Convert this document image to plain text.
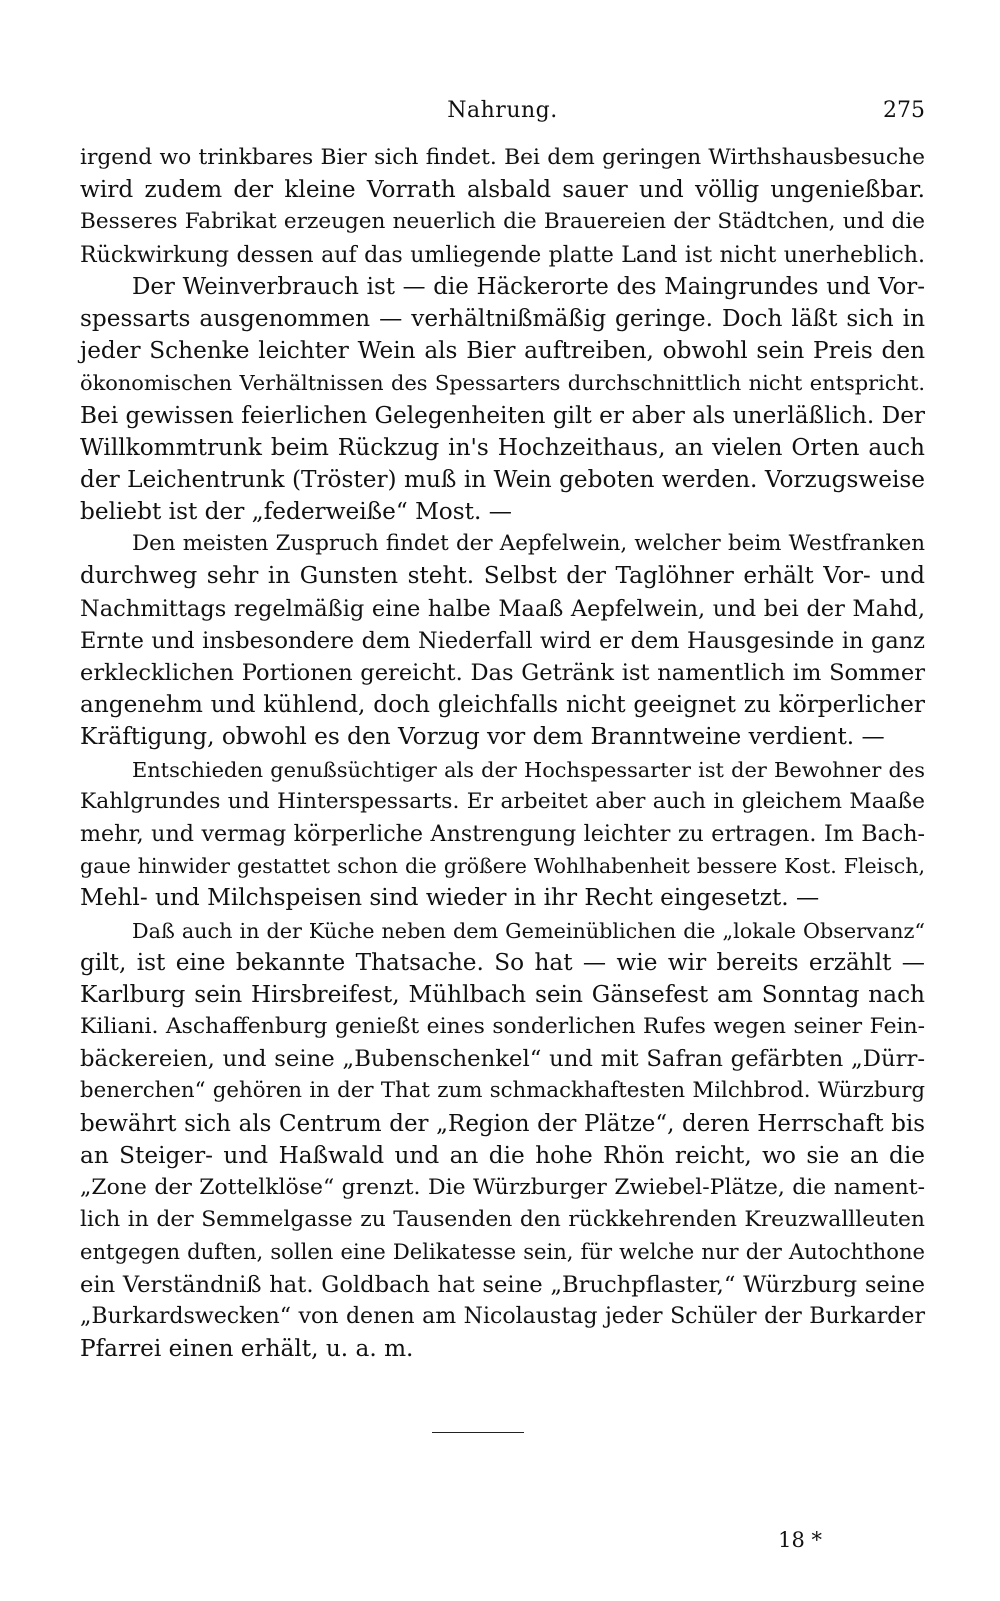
Nahrung.	275
irgend wo trinkbares Bier sich findet. Bei dem geringen Wirthshausbesuche
wird zudem der kleine Vorrath alsbald sauer und völlig ungenießbar.
Besseres Fabrikat erzeugen neuerlich die Brauereien der Städtchen, und die
Rückwirkung dessen auf das umliegende platte Land ist nicht unerheblich.
Der Weinverbrauch ist — die Häckerorte des Maingrundes und Vor-
spessarts ausgenommen — verhältnißmäßig geringe. Doch läßt sich in
jeder Schenke leichter Wein als Bier auftreiben, obwohl sein Preis den
ökonomischen Verhältnissen des Spessarters durchschnittlich nicht entspricht.
Bei gewissen feierlichen Gelegenheiten gilt er aber als unerläßlich. Der
Willkommtrunk beim Rückzug in's Hochzeithaus, an vielen Orten auch
der Leichentrunk (Tröster) muß in Wein geboten werden. Vorzugsweise
beliebt ist der „federweiße“ Most. —
Den meisten Zuspruch findet der Aepfelwein, welcher beim Westfranken
durchweg sehr in Gunsten steht. Selbst der Taglöhner erhält Vor- und
Nachmittags regelmäßig eine halbe Maaß Aepfelwein, und bei der Mahd,
Ernte und insbesondere dem Niederfall wird er dem Hausgesinde in ganz
erklecklichen Portionen gereicht. Das Getränk ist namentlich im Sommer
angenehm und kühlend, doch gleichfalls nicht geeignet zu körperlicher
Kräftigung, obwohl es den Vorzug vor dem Branntweine verdient. —
Entschieden genußsüchtiger als der Hochspessarter ist der Bewohner des
Kahlgrundes und Hinterspessarts. Er arbeitet aber auch in gleichem Maaße
mehr, und vermag körperliche Anstrengung leichter zu ertragen. Im Bach-
gaue hinwider gestattet schon die größere Wohlhabenheit bessere Kost. Fleisch,
Mehl- und Milchspeisen sind wieder in ihr Recht eingesetzt. —
Daß auch in der Küche neben dem Gemeinüblichen die „lokale Observanz“
gilt, ist eine bekannte Thatsache. So hat — wie wir bereits erzählt —
Karlburg sein Hirsbreifest, Mühlbach sein Gänsefest am Sonntag nach
Kiliani. Aschaffenburg genießt eines sonderlichen Rufes wegen seiner Fein-
bäckereien, und seine „Bubenschenkel“ und mit Safran gefärbten „Dürr-
benerchen“ gehören in der That zum schmackhaftesten Milchbrod. Würzburg
bewährt sich als Centrum der „Region der Plätze“, deren Herrschaft bis
an Steiger- und Haßwald und an die hohe Rhön reicht, wo sie an die
„Zone der Zottelklöse“ grenzt. Die Würzburger Zwiebel-Plätze, die nament-
lich in der Semmelgasse zu Tausenden den rückkehrenden Kreuzwallleuten
entgegen duften, sollen eine Delikatesse sein, für welche nur der Autochthone
ein Verständniß hat. Goldbach hat seine „Bruchpflaster,“ Würzburg seine
„Burkardswecken“ von denen am Nicolaustag jeder Schüler der Burkarder
Pfarrei einen erhält, u. a. m.
18 *
